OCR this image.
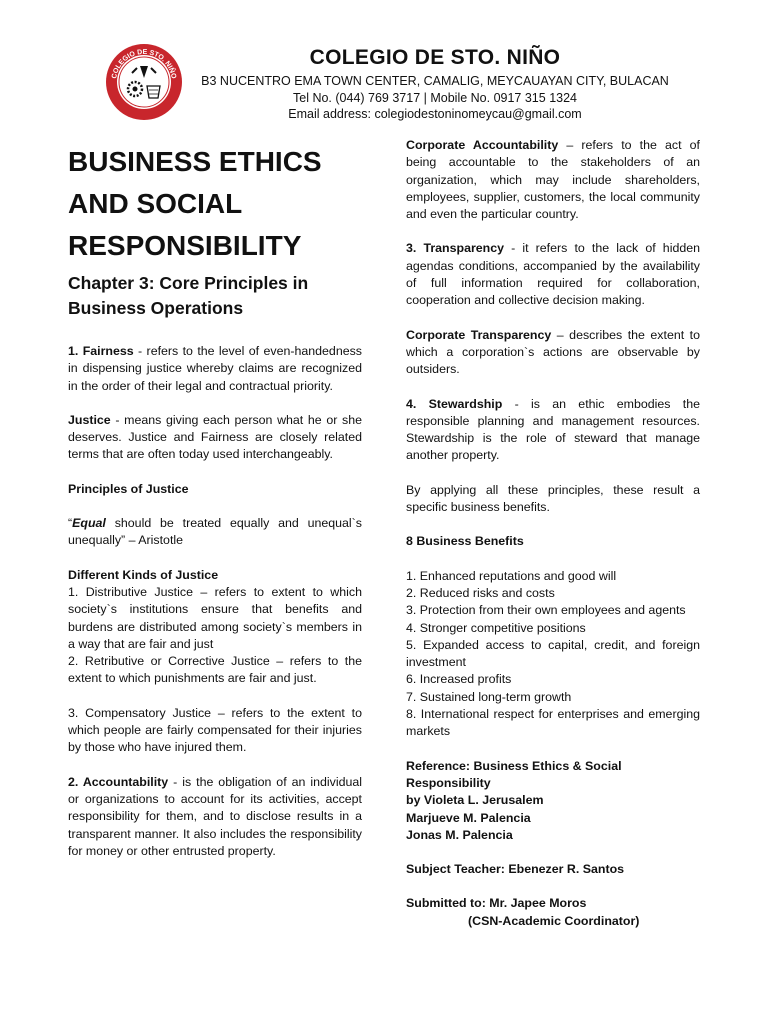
COLEGIO DE STO. NIÑO
COLEGIO DE STO. NIÑO
B3 NUCENTRO EMA TOWN CENTER, CAMALIG, MEYCAUAYAN CITY, BULACAN
Tel No. (044) 769 3717 | Mobile No. 0917 315 1324
Email address: colegiodestoninomeycau@gmail.com
BUSINESS ETHICS
AND SOCIAL
RESPONSIBILITY
Chapter 3: Core Principles in
Business Operations

1. Fairness - refers to the level of even-handedness in dispensing justice whereby claims are recognized in the order of their legal and contractual priority.

Justice - means giving each person what he or she deserves. Justice and Fairness are closely related terms that are often today used interchangeably.

Principles of Justice

“Equal should be treated equally and unequal`s unequally” – Aristotle

Different Kinds of Justice
1. Distributive Justice – refers to extent to which society`s institutions ensure that benefits and burdens are distributed among society`s members in a way that are fair and just

2. Retributive or Corrective Justice – refers to the extent to which punishments are fair and just.

3. Compensatory Justice – refers to the extent to which people are fairly compensated for their injuries by those who have injured them.

2. Accountability - is the obligation of an individual or organizations to account for its activities, accept responsibility for them, and to disclose results in a transparent manner. It also includes the responsibility for money or other entrusted property.

Corporate Accountability – refers to the act of being accountable to the stakeholders of an organization, which may include shareholders, employees, supplier, customers, the local community and even the particular country.

3. Transparency - it refers to the lack of hidden agendas conditions, accompanied by the availability of full information required for collaboration, cooperation and collective decision making.

Corporate Transparency – describes the extent to which a corporation`s actions are observable by outsiders.

4. Stewardship - is an ethic embodies the responsible planning and management resources. Stewardship is the role of steward that manage another property.

By applying all these principles, these result a specific business benefits.

8 Business Benefits

1. Enhanced reputations and good will
2. Reduced risks and costs
3. Protection from their own employees and agents
4. Stronger competitive positions
5. Expanded access to capital, credit, and foreign investment
6. Increased profits
7. Sustained long-term growth
8. International respect for enterprises and emerging markets
Reference: Business Ethics & Social Responsibility
by Violeta L. Jerusalem
Marjueve M. Palencia
Jonas M. Palencia

Subject Teacher: Ebenezer R. Santos

Submitted to: Mr. Japee Moros
(CSN-Academic Coordinator)
